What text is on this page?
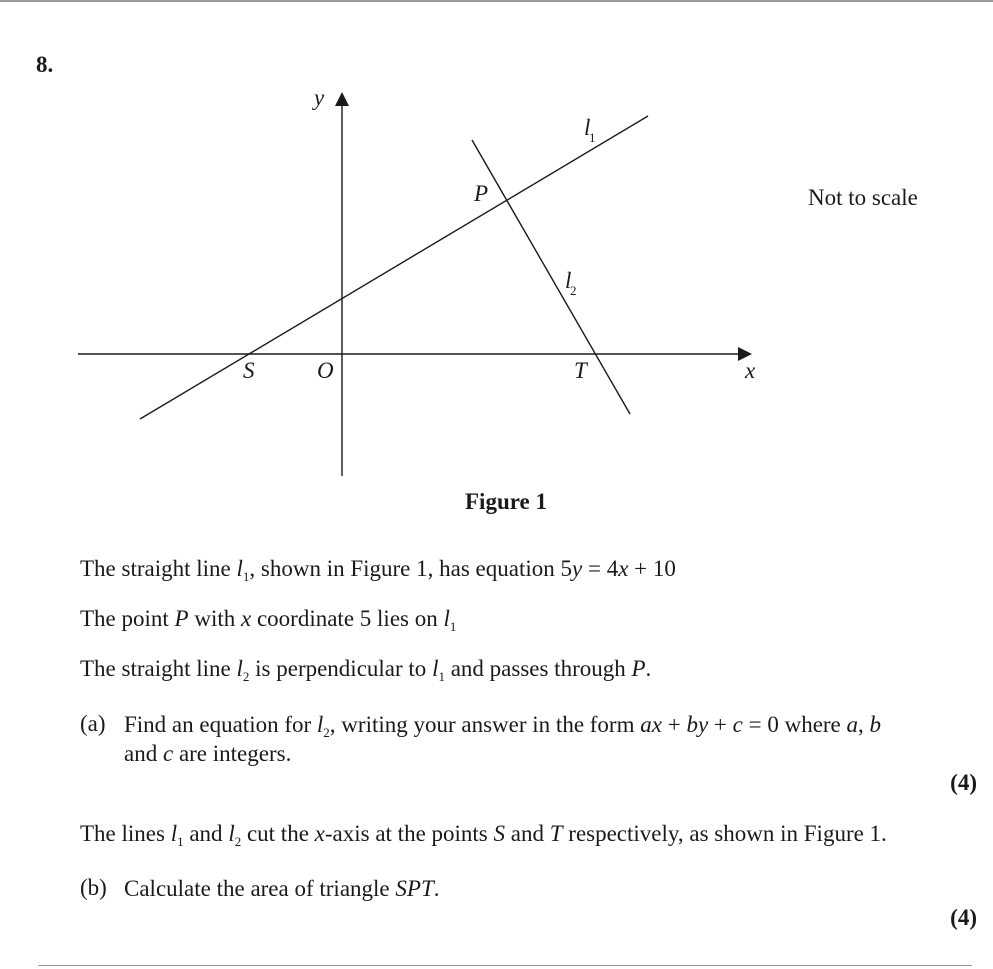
8.
y
x
O
S	T
P
l
1
l
2
Not to scale
Figure 1
The straight line $l_1$, shown in Figure 1, has equation 5y = 4x + 10
The point P with x coordinate 5 lies on $l_1$
The straight line $l_2$ is perpendicular to $l_1$ and passes through P.
(a) Find an equation for $l_2$, writing your answer in the form ax + by + c = 0 where a, b
and c are integers.
(4)
The lines $l_1$ and $l_2$ cut the x-axis at the points S and T respectively, as shown in Figure 1.
(b) Calculate the area of triangle SPT.
(4)
